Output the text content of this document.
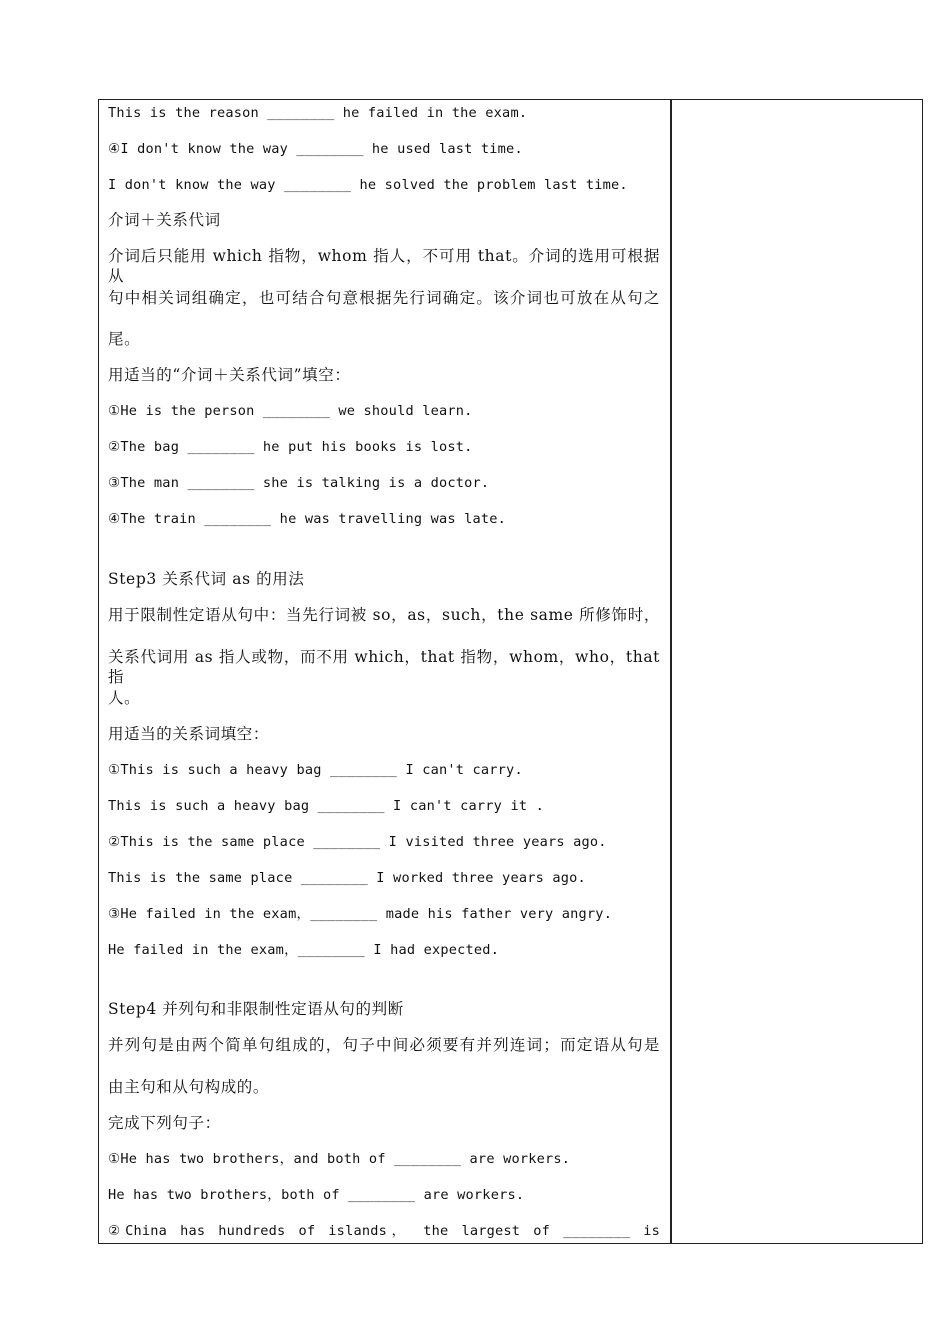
This is the reason ________ he failed in the exam.
④I don't know the way ________ he used last time.
I don't know the way ________ he solved the problem last time.
介词＋关系代词
介词后只能用 which 指物，whom 指人，不可用 that。介词的选用可根据从
句中相关词组确定，也可结合句意根据先行词确定。该介词也可放在从句之
尾。
用适当的“介词＋关系代词”填空：
①He is the person ________ we should learn.
②The bag ________ he put his books is lost.
③The man ________ she is talking is a doctor.
④The train ________ he was travelling was late.
Step3 关系代词 as 的用法
用于限制性定语从句中：当先行词被 so，as，such，the same 所修饰时，
关系代词用 as 指人或物，而不用 which，that 指物，whom，who，that 指
人。
用适当的关系词填空：
①This is such a heavy bag ________ I can't carry.
This is such a heavy bag ________ I can't carry it .
②This is the same place ________ I visited three years ago.
This is the same place ________ I worked three years ago.
③He failed in the exam，________ made his father very angry.
He failed in the exam，________ I had expected.
Step4 并列句和非限制性定语从句的判断
并列句是由两个简单句组成的，句子中间必须要有并列连词；而定语从句是
由主句和从句构成的。
完成下列句子：
①He has two brothers，and both of ________ are workers.
He has two brothers，both of ________ are workers.
②China has hundreds of islands， the largest of ________ is
